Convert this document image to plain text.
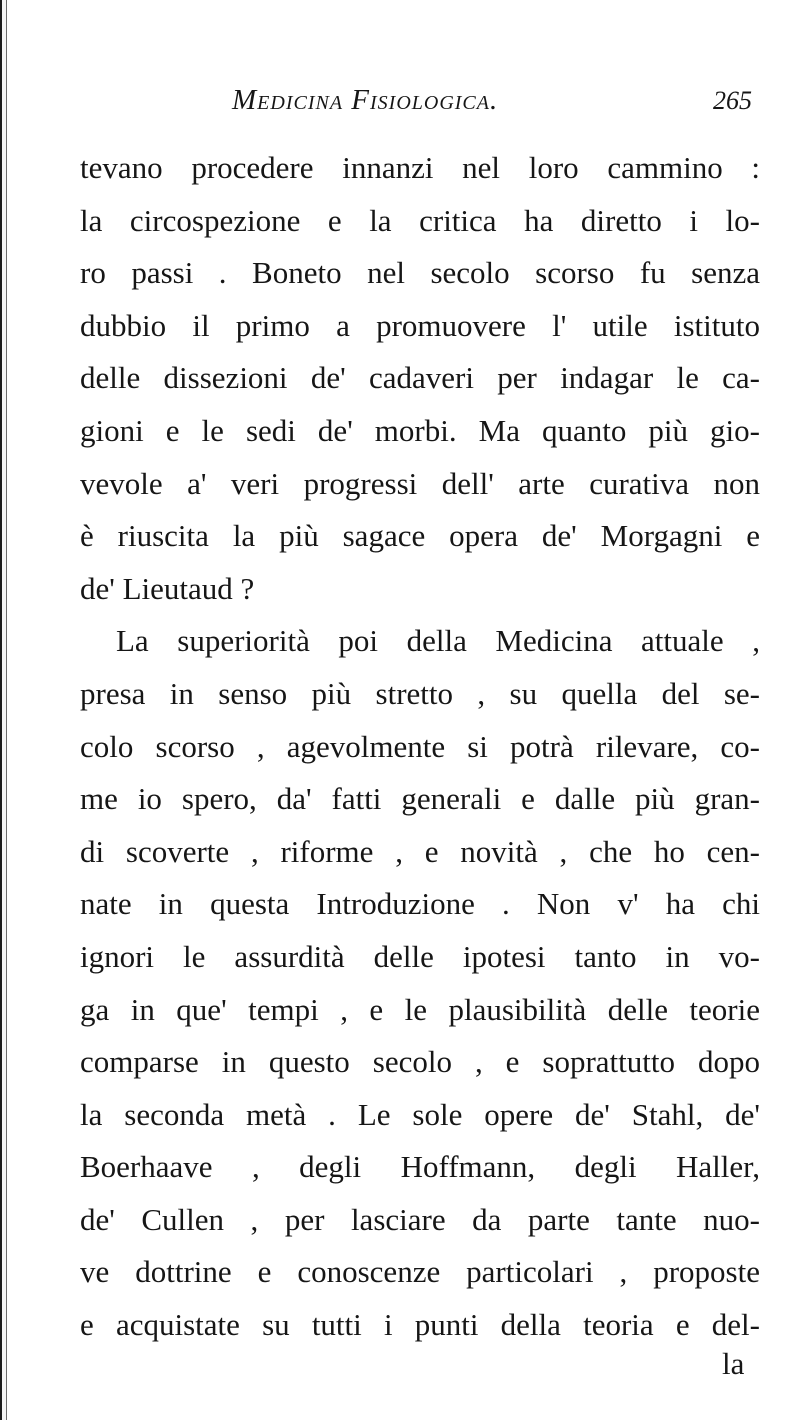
Medicina Fisiologica.	265
tevano procedere innanzi nel loro cammino :
la circospezione e la critica ha diretto i lo-
ro passi . Boneto nel secolo scorso fu senza
dubbio il primo a promuovere l' utile istituto
delle dissezioni de' cadaveri per indagar le ca-
gioni e le sedi de' morbi. Ma quanto più gio-
vevole a' veri progressi dell' arte curativa non
è riuscita la più sagace opera de' Morgagni e
de' Lieutaud ?
La superiorità poi della Medicina attuale ,
presa in senso più stretto , su quella del se-
colo scorso , agevolmente si potrà rilevare, co-
me io spero, da' fatti generali e dalle più gran-
di scoverte , riforme , e novità , che ho cen-
nate in questa Introduzione . Non v' ha chi
ignori le assurdità delle ipotesi tanto in vo-
ga in que' tempi , e le plausibilità delle teorie
comparse in questo secolo , e soprattutto dopo
la seconda metà . Le sole opere de' Stahl, de'
Boerhaave , degli Hoffmann, degli Haller,
de' Cullen , per lasciare da parte tante nuo-
ve dottrine e conoscenze particolari , proposte
e acquistate su tutti i punti della teoria e del-
la
